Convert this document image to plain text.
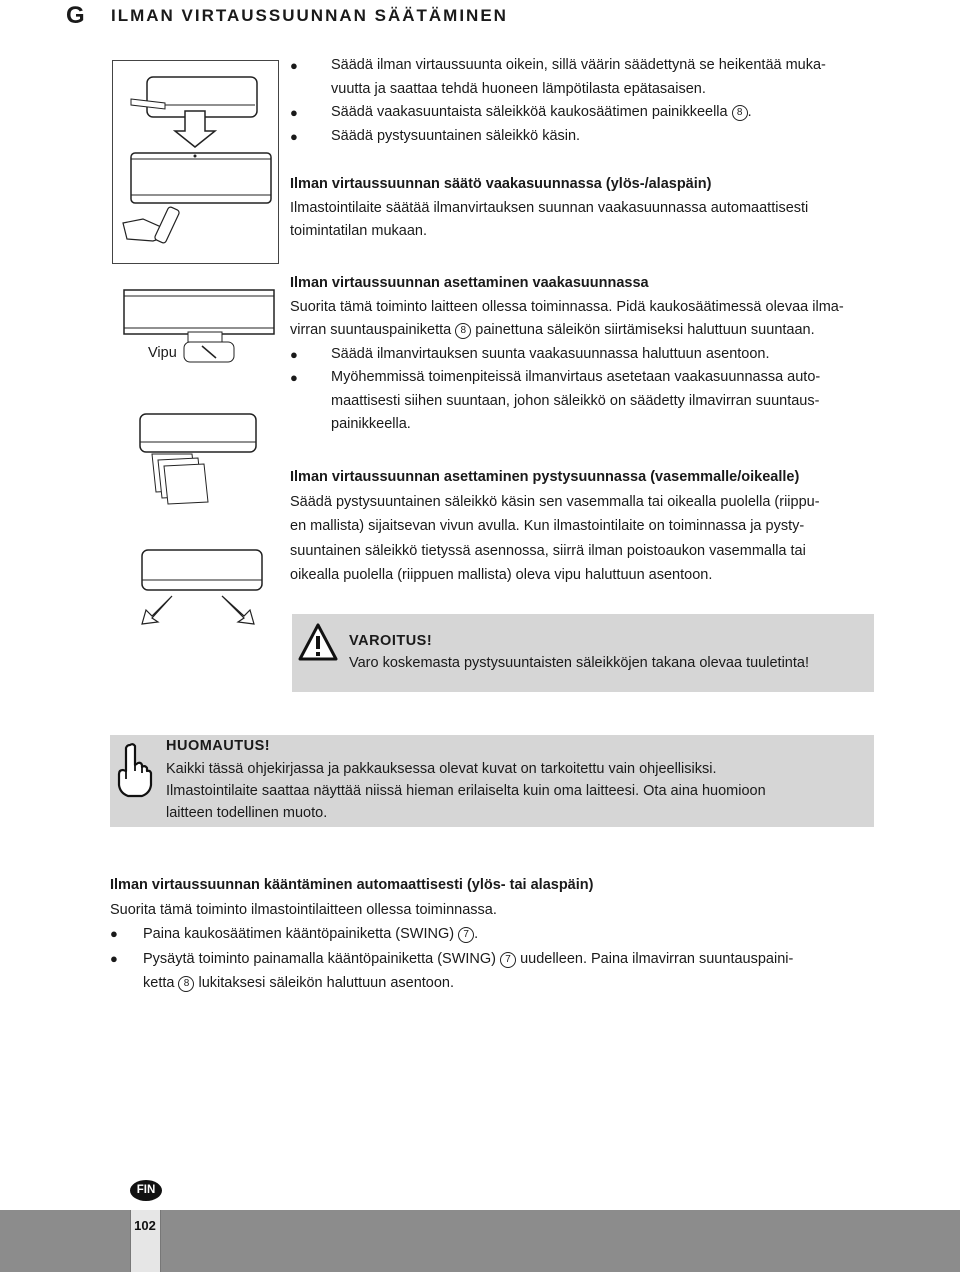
G ILMAN VIRTAUSSUUNNAN SÄÄTÄMINEN
Vipu
● Säädä ilman virtaussuunta oikein, sillä väärin säädettynä se heikentää muka-
vuutta ja saattaa tehdä huoneen lämpötilasta epätasaisen.
● Säädä vaakasuuntaista säleikköä kaukosäätimen painikkeella 8 .
● Säädä pystysuuntainen säleikkö käsin.
Ilman virtaussuunnan säätö vaakasuunnassa (ylös-/alaspäin)
Ilmastointilaite säätää ilmanvirtauksen suunnan vaakasuunnassa automaattisesti
toimintatilan mukaan.
Ilman virtaussuunnan asettaminen vaakasuunnassa
Suorita tämä toiminto laitteen ollessa toiminnassa. Pidä kaukosäätimessä olevaa ilma-
virran suuntauspainiketta 8 painettuna säleikön siirtämiseksi haluttuun suuntaan.
● Säädä ilmanvirtauksen suunta vaakasuunnassa haluttuun asentoon.
● Myöhemmissä toimenpiteissä ilmanvirtaus asetetaan vaakasuunnassa auto-
maattisesti siihen suuntaan, johon säleikkö on säädetty ilmavirran suuntaus-
painikkeella.
Ilman virtaussuunnan asettaminen pystysuunnassa (vasemmalle/oikealle)
Säädä pystysuuntainen säleikkö käsin sen vasemmalla tai oikealla puolella (riippu-
en mallista) sijaitsevan vivun avulla. Kun ilmastointilaite on toiminnassa ja pysty-
suuntainen säleikkö tietyssä asennossa, siirrä ilman poistoaukon vasemmalla tai
oikealla puolella (riippuen mallista) oleva vipu haluttuun asentoon.
VAROITUS!
Varo koskemasta pystysuuntaisten säleikköjen takana olevaa tuuletinta!
HUOMAUTUS!
Kaikki tässä ohjekirjassa ja pakkauksessa olevat kuvat on tarkoitettu vain ohjeellisiksi.
Ilmastointilaite saattaa näyttää niissä hieman erilaiselta kuin oma laitteesi. Ota aina huomioon
laitteen todellinen muoto.
Ilman virtaussuunnan kääntäminen automaattisesti (ylös- tai alaspäin)
Suorita tämä toiminto ilmastointilaitteen ollessa toiminnassa.
● Paina kaukosäätimen kääntöpainiketta (SWING) 7 .
● Pysäytä toiminto painamalla kääntöpainiketta (SWING) 7 uudelleen. Paina ilmavirran suuntauspaini-
ketta 8 lukitaksesi säleikön haluttuun asentoon.
FIN
102
